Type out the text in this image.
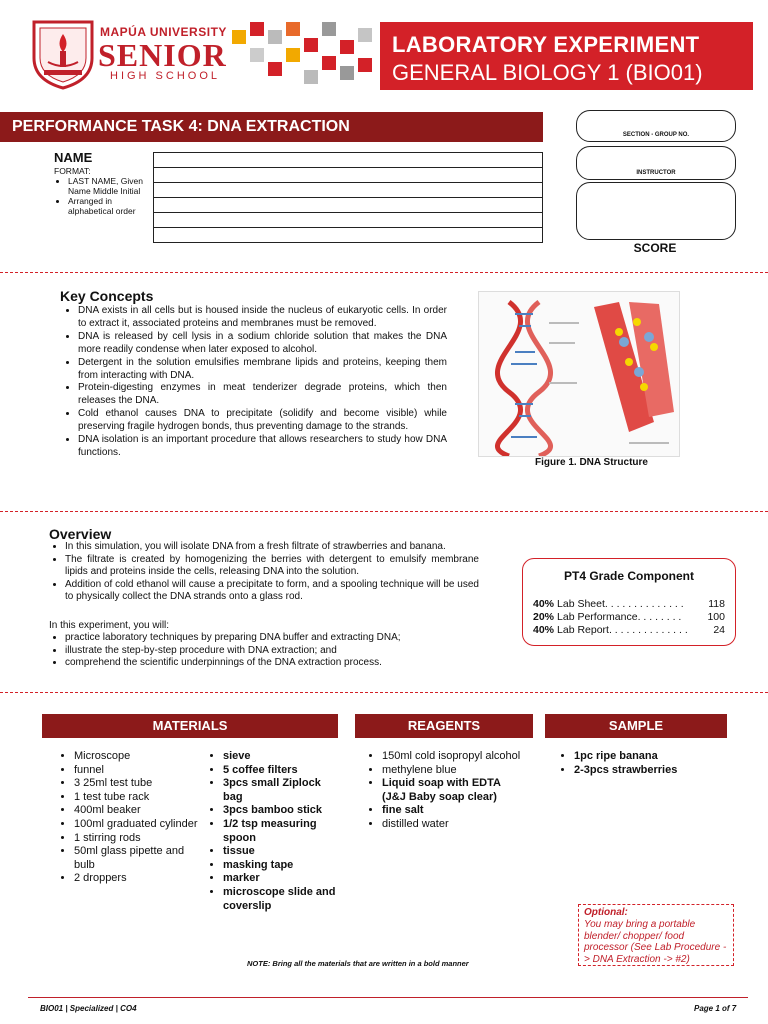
MAPÚA UNIVERSITY
SENIOR
HIGH SCHOOL
LABORATORY EXPERIMENT
GENERAL BIOLOGY 1 (BIO01)
PERFORMANCE TASK 4: DNA EXTRACTION
NAME
FORMAT:
• LAST NAME, Given Name Middle Initial
• Arranged in alphabetical order
SECTION - GROUP NO.
INSTRUCTOR
SCORE
Key Concepts
• DNA exists in all cells but is housed inside the nucleus of eukaryotic cells. In order to extract it, associated proteins and membranes must be removed.
• DNA is released by cell lysis in a sodium chloride solution that makes the DNA more readily condense when later exposed to alcohol.
• Detergent in the solution emulsifies membrane lipids and proteins, keeping them from interacting with DNA.
• Protein-digesting enzymes in meat tenderizer degrade proteins, which then releases the DNA.
• Cold ethanol causes DNA to precipitate (solidify and become visible) while preserving fragile hydrogen bonds, thus preventing damage to the strands.
• DNA isolation is an important procedure that allows researchers to study how DNA functions.
Figure 1. DNA Structure
Overview
• In this simulation, you will isolate DNA from a fresh filtrate of strawberries and banana.
• The filtrate is created by homogenizing the berries with detergent to emulsify membrane lipids and proteins inside the cells, releasing DNA into the solution.
• Addition of cold ethanol will cause a precipitate to form, and a spooling technique will be used to physically collect the DNA strands onto a glass rod.
In this experiment, you will:
• practice laboratory techniques by preparing DNA buffer and extracting DNA;
• illustrate the step-by-step procedure with DNA extraction; and
• comprehend the scientific underpinnings of the DNA extraction process.
PT4 Grade Component
40% Lab Sheet . . . . . . . . . . . . . .	118
20% Lab Performance . . . . . . . .	100
40% Lab Report . . . . . . . . . . . . . .	24
MATERIALS	REAGENTS	SAMPLE
• Microscope
• funnel
• 3 25ml test tube
• 1 test tube rack
• 400ml beaker
• 100ml graduated cylinder
• 1 stirring rods
• 50ml glass pipette and bulb
• 2 droppers
• sieve
• 5 coffee filters
• 3pcs small Ziplock bag
• 3pcs bamboo stick
• 1/2 tsp measuring spoon
• tissue
• masking tape
• marker
• microscope slide and coverslip
• 150ml cold isopropyl alcohol
• methylene blue
• Liquid soap with EDTA (J&J Baby soap clear)
• fine salt
• distilled water
• 1pc ripe banana
• 2-3pcs strawberries
Optional:
You may bring a portable blender/ chopper/ food processor (See Lab Procedure -> DNA Extraction -> #2)
NOTE: Bring all the materials that are written in a bold manner
BIO01 | Specialized | CO4	Page 1 of 7
